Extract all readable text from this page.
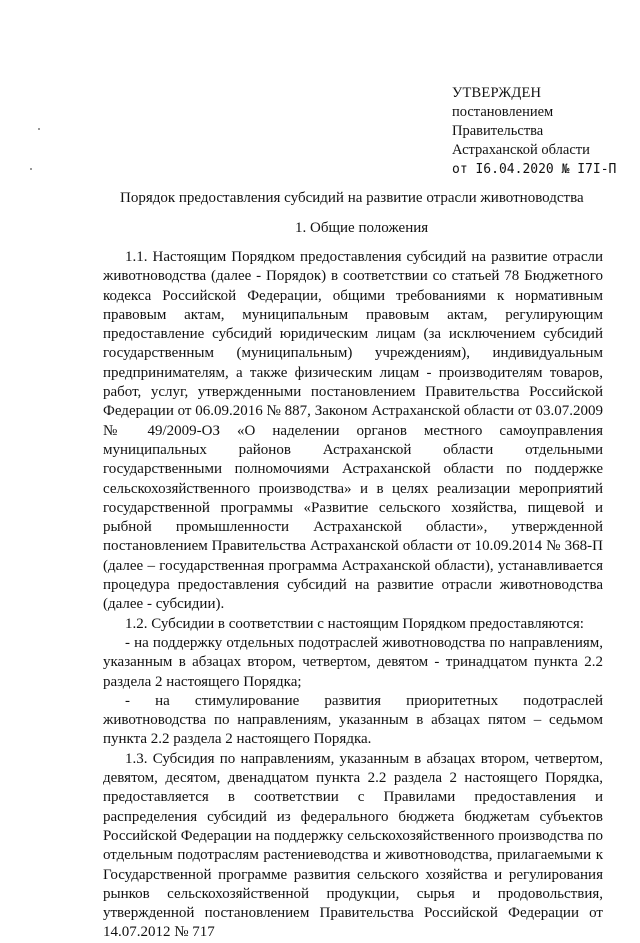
УТВЕРЖДЕН
постановлением
Правительства
Астраханской области
от I6.04.2020 № I7I-П
Порядок предоставления субсидий на развитие отрасли животноводства
1. Общие положения

1.1. Настоящим Порядком предоставления субсидий на развитие отрасли животноводства (далее - Порядок) в соответствии со статьей 78 Бюджетного кодекса Российской Федерации, общими требованиями к нормативным правовым актам, муниципальным правовым актам, регулирующим предоставление субсидий юридическим лицам (за исключением субсидий государственным (муниципальным) учреждениям), индивидуальным предпринимателям, а также физическим лицам - производителям товаров, работ, услуг, утвержденными постановлением Правительства Российской Федерации от 06.09.2016 № 887, Законом Астраханской области от 03.07.2009 № 49/2009-ОЗ «О наделении органов местного самоуправления муниципальных районов Астраханской области отдельными государственными полномочиями Астраханской области по поддержке сельскохозяйственного производства» и в целях реализации мероприятий государственной программы «Развитие сельского хозяйства, пищевой и рыбной промышленности Астраханской области», утвержденной постановлением Правительства Астраханской области от 10.09.2014 № 368-П (далее – государственная программа Астраханской области), устанавливается процедура предоставления субсидий на развитие отрасли животноводства (далее - субсидии).

1.2. Субсидии в соответствии с настоящим Порядком предоставляются:

- на поддержку отдельных подотраслей животноводства по направлениям, указанным в абзацах втором, четвертом, девятом - тринадцатом пункта 2.2 раздела 2 настоящего Порядка;

- на стимулирование развития приоритетных подотраслей животноводства по направлениям, указанным в абзацах пятом – седьмом пункта 2.2 раздела 2 настоящего Порядка.

1.3. Субсидия по направлениям, указанным в абзацах втором, четвертом, девятом, десятом, двенадцатом пункта 2.2 раздела 2 настоящего Порядка, предоставляется в соответствии с Правилами предоставления и распределения субсидий из федерального бюджета бюджетам субъектов Российской Федерации на поддержку сельскохозяйственного производства по отдельным подотраслям растениеводства и животноводства, прилагаемыми к Государственной программе развития сельского хозяйства и регулирования рынков сельскохозяйственной продукции, сырья и продовольствия, утвержденной постановлением Правительства Российской Федерации от 14.07.2012 № 717
